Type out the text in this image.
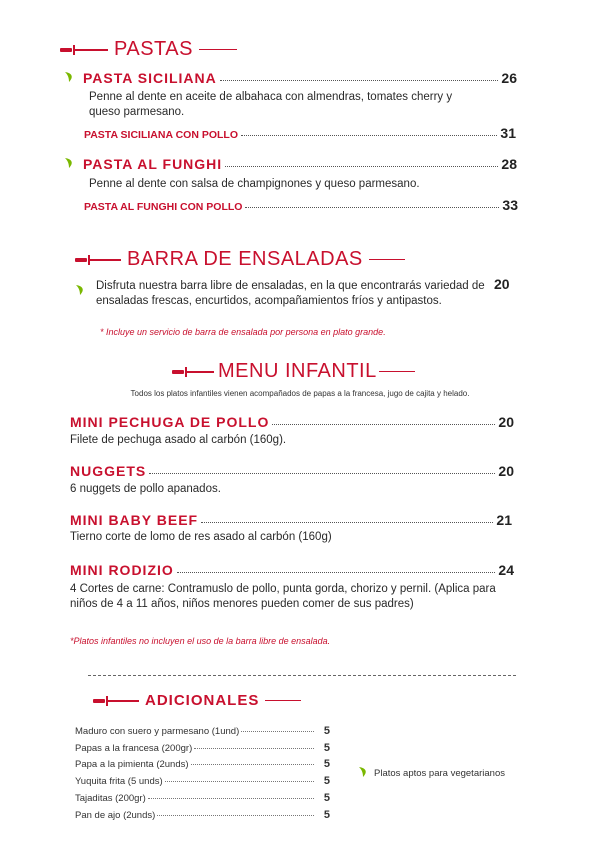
PASTAS
PASTA SICILIANA	26
Penne al dente en aceite de albahaca con almendras, tomates cherry y queso parmesano.
PASTA SICILIANA CON POLLO	31
PASTA AL FUNGHI	28
Penne al dente con salsa de champignones y queso parmesano.
PASTA AL FUNGHI CON POLLO	33
BARRA DE ENSALADAS
Disfruta nuestra barra libre de ensaladas, en la que encontrarás variedad de ensaladas frescas, encurtidos, acompañamientos fríos y antipastos.
20
* Incluye un servicio de barra de ensalada por persona en plato grande.
MENU INFANTIL
Todos los platos infantiles vienen acompañados de papas a la francesa, jugo de cajita y helado.
MINI PECHUGA DE POLLO	20
Filete de pechuga asado al carbón (160g).
NUGGETS	20
6 nuggets de pollo apanados.
MINI BABY BEEF	21
Tierno corte de lomo de res asado al carbón (160g)
MINI RODIZIO	24
4 Cortes de carne: Contramuslo de pollo, punta gorda, chorizo y pernil. (Aplica para niños de 4 a 11 años, niños menores pueden comer de sus padres)
*Platos infantiles no incluyen el uso de la barra libre de ensalada.
ADICIONALES
Maduro con suero y parmesano (1und)	5
Papas a la francesa (200gr)	5
Papa a la pimienta (2unds)	5
Yuquita frita (5 unds)	5
Tajaditas (200gr)	5
Pan de ajo (2unds)	5
Platos aptos para vegetarianos
